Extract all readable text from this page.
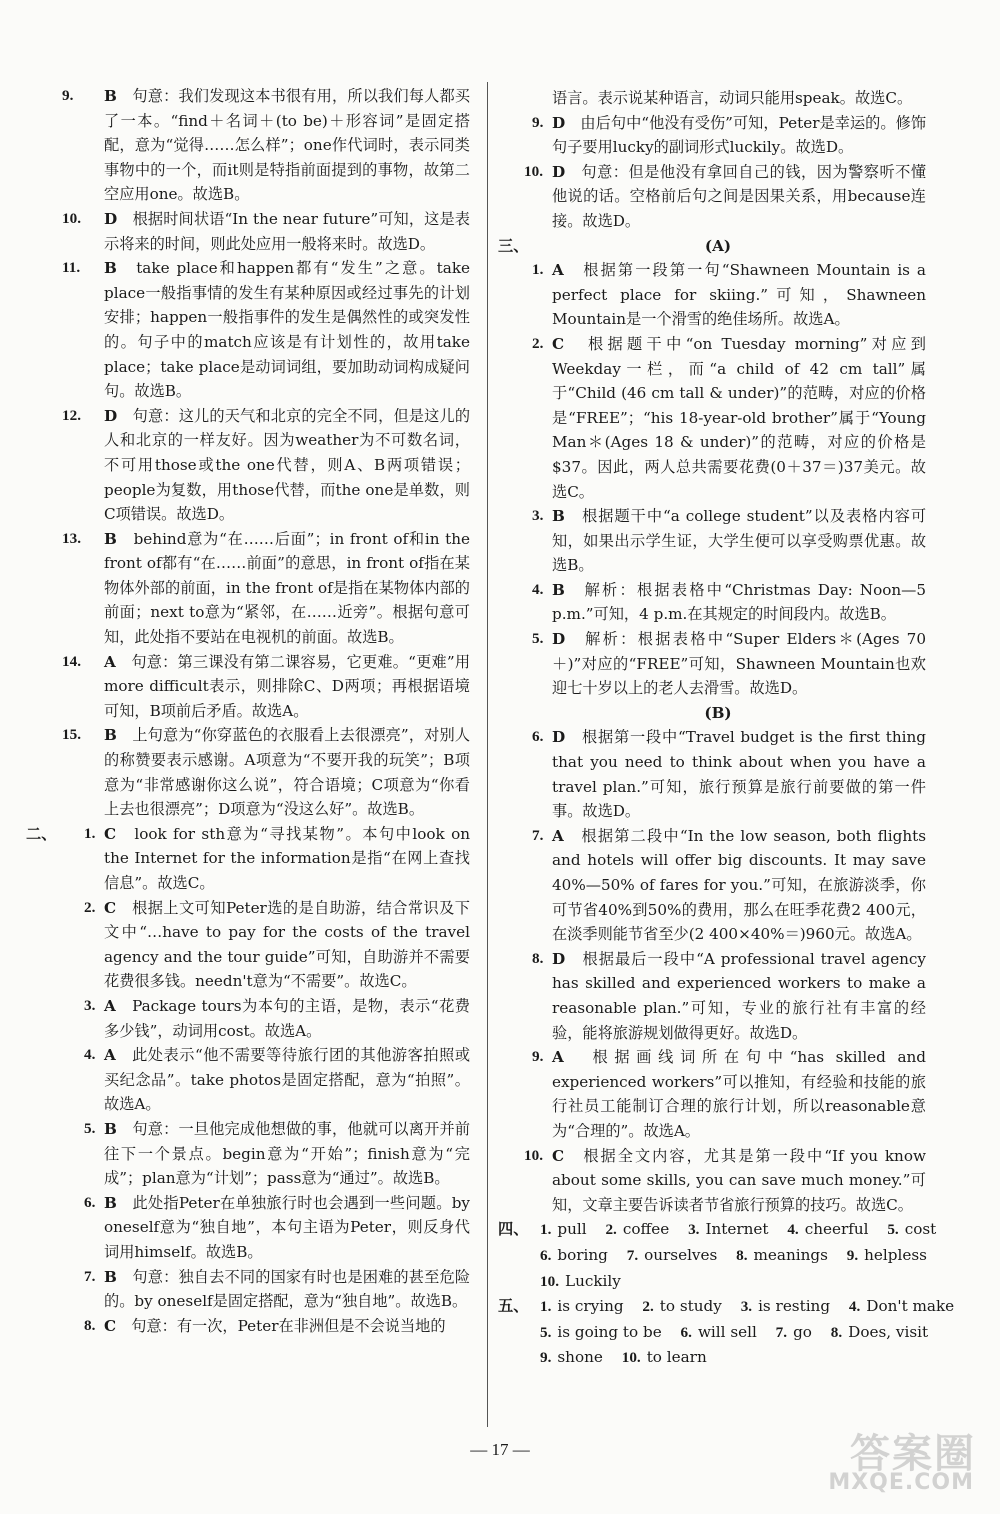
9. B　 句意：我们发现这本书很有用，所以我们每人都买了一本。“find＋名词＋(to be)＋形容词”是固定搭配，意为“觉得……怎么样”；one作代词时，表示同类事物中的一个，而it则是特指前面提到的事物，故第二空应用one。故选B。

10. D　 根据时间状语“In the near future”可知，这是表示将来的时间，则此处应用一般将来时。故选D。

11. B　 take place和happen都有“发生”之意。take place一般指事情的发生有某种原因或经过事先的计划安排；happen一般指事件的发生是偶然性的或突发性的。句子中的match应该是有计划性的，故用take place；take place是动词词组，要加助动词构成疑问句。故选B。

12. D　 句意：这儿的天气和北京的完全不同，但是这儿的人和北京的一样友好。因为weather为不可数名词，不可用those或the one代替，则A、B两项错误；people为复数，用those代替，而the one是单数，则C项错误。故选D。

13. B　 behind意为“在……后面”；in front of和in the front of都有“在……前面”的意思，in front of指在某物体外部的前面，in the front of是指在某物体内部的前面；next to意为“紧邻，在……近旁”。根据句意可知，此处指不要站在电视机的前面。故选B。

14. A　 句意：第三课没有第二课容易，它更难。“更难”用more difficult表示，则排除C、D两项；再根据语境可知，B项前后矛盾。故选A。

15. B　 上句意为“你穿蓝色的衣服看上去很漂亮”，对别人的称赞要表示感谢。A项意为“不要开我的玩笑”；B项意为“非常感谢你这么说”，符合语境；C项意为“你看上去也很漂亮”；D项意为“没这么好”。故选B。

二、 1. C　 look for sth意为“寻找某物”。本句中look on the Internet for the information是指“在网上查找信息”。故选C。

2. C　 根据上文可知Peter选的是自助游，结合常识及下文中“…have to pay for the costs of the travel agency and the tour guide”可知，自助游并不需要花费很多钱。needn't意为“不需要”。故选C。

3. A　 Package tours为本句的主语，是物，表示“花费多少钱”，动词用cost。故选A。

4. A　 此处表示“他不需要等待旅行团的其他游客拍照或买纪念品”。take photos是固定搭配，意为“拍照”。故选A。

5. B　 句意：一旦他完成他想做的事，他就可以离开并前往下一个景点。begin意为“开始”；finish意为“完成”；plan意为“计划”；pass意为“通过”。故选B。

6. B　 此处指Peter在单独旅行时也会遇到一些问题。by oneself意为“独自地”，本句主语为Peter，则反身代词用himself。故选B。

7. B　 句意：独自去不同的国家有时也是困难的甚至危险的。by oneself是固定搭配，意为“独自地”。故选B。

8. C　 句意：有一次，Peter在非洲但是不会说当地的

语言。表示说某种语言，动词只能用speak。故选C。

9. D　 由后句中“他没有受伤”可知，Peter是幸运的。修饰句子要用lucky的副词形式luckily。故选D。

10. D　 句意：但是他没有拿回自己的钱，因为警察听不懂他说的话。空格前后句之间是因果关系，用because连接。故选D。

三、	(A)

1. A　 根据第一段第一句“Shawneen Mountain is a perfect place for skiing.”可知，Shawneen Mountain是一个滑雪的绝佳场所。故选A。

2. C　 根据题干中“on Tuesday morning”对应到Weekday一栏，而“a child of 42 cm tall”属于“Child (46 cm tall & under)”的范畴，对应的价格是“FREE”；“his 18-year-old brother”属于“Young Man＊(Ages 18 & under)”的范畴，对应的价格是$37。因此，两人总共需要花费(0＋37＝)37美元。故选C。

3. B　 根据题干中“a college student”以及表格内容可知，如果出示学生证，大学生便可以享受购票优惠。故选B。

4. B　 解析：根据表格中“Christmas Day: Noon—5 p.m.”可知，4 p.m.在其规定的时间段内。故选B。

5. D　 解析：根据表格中“Super Elders＊(Ages 70＋)”对应的“FREE”可知，Shawneen Mountain也欢迎七十岁以上的老人去滑雪。故选D。

(B)

6. D　 根据第一段中“Travel budget is the first thing that you need to think about when you have a travel plan.”可知，旅行预算是旅行前要做的第一件事。故选D。

7. A　 根据第二段中“In the low season, both flights and hotels will offer big discounts. It may save 40%—50% of fares for you.”可知，在旅游淡季，你可节省40%到50%的费用，那么在旺季花费2 400元，在淡季则能节省至少(2 400×40%＝)960元。故选A。

8. D　 根据最后一段中“A professional travel agency has skilled and experienced workers to make a reasonable plan.”可知，专业的旅行社有丰富的经验，能将旅游规划做得更好。故选D。

9. A　 根据画线词所在句中“has skilled and experienced workers”可以推知，有经验和技能的旅行社员工能制订合理的旅行计划，所以reasonable意为“合理的”。故选A。

10. C　 根据全文内容，尤其是第一段中“If you know about some skills, you can save much money.”可知，文章主要告诉读者节省旅行预算的技巧。故选C。

四、 1. pull 2. coffee 3. Internet 4. cheerful 5. cost
6. boring 7. ourselves 8. meanings 9. helpless
10. Luckily
五、 1. is crying 2. to study 3. is resting 4. Don't make
5. is going to be 6. will sell 7. go 8. Does, visit
9. shone 10. to learn
— 17 —	答案圈
MXQE.COM
